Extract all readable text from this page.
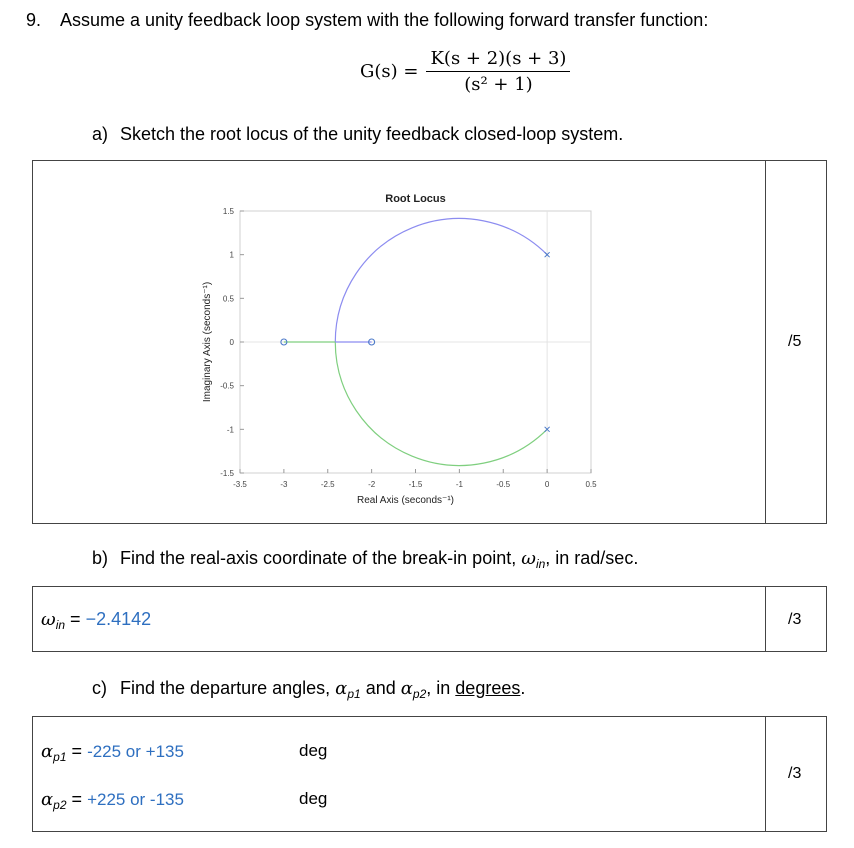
9. Assume a unity feedback loop system with the following forward transfer function:
$G(s) = \frac{K(s + 2)(s + 3)}{\text{(s² + 1)}}$
a) Sketch the root locus of the unity feedback closed-loop system.
-3.5	-3	-2.5	-2	-1.5	-1	-0.5	0	0.5
-1.5
-1
-0.5
0
0.5
1
1.5
Root Locus
Real Axis (seconds⁻¹)
Imaginary Axis (seconds⁻¹)	/5
b) Find the real-axis coordinate of the break-in point, $\omega_{in}$, in rad/sec.
$\omega_{in} = -2.4142$	/3
c) Find the departure angles, $\alpha_{p1}$ and $\alpha_{p2}$, in degrees.
$\alpha_{p1} = -225$ or +135	deg
$\alpha_{p2} = +225$ or -135	deg
/3
